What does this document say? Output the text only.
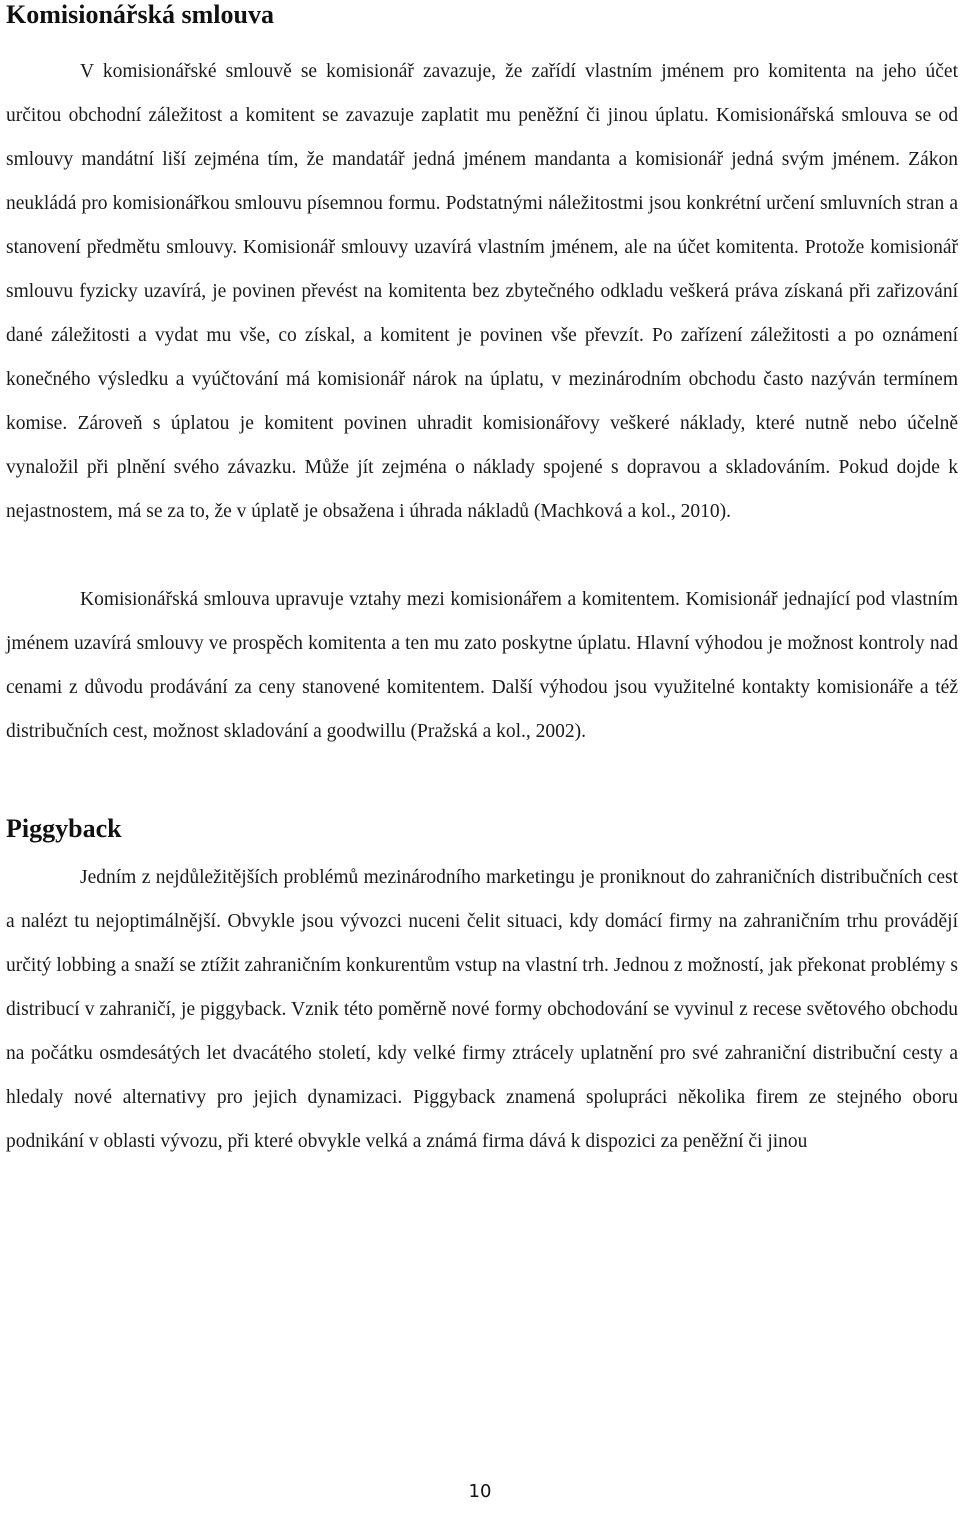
Komisionářská smlouva

V komisionářské smlouvě se komisionář zavazuje, že zařídí vlastním jménem pro komitenta na jeho účet určitou obchodní záležitost a komitent se zavazuje zaplatit mu peněžní či jinou úplatu. Komisionářská smlouva se od smlouvy mandátní liší zejména tím, že mandatář jedná jménem mandanta a komisionář jedná svým jménem. Zákon neukládá pro komisionářkou smlouvu písemnou formu. Podstatnými náležitostmi jsou konkrétní určení smluvních stran a stanovení předmětu smlouvy. Komisionář smlouvy uzavírá vlastním jménem, ale na účet komitenta. Protože komisionář smlouvu fyzicky uzavírá, je povinen převést na komitenta bez zbytečného odkladu veškerá práva získaná při zařizování dané záležitosti a vydat mu vše, co získal, a komitent je povinen vše převzít. Po zařízení záležitosti a po oznámení konečného výsledku a vyúčtování má komisionář nárok na úplatu, v mezinárodním obchodu často nazýván termínem komise. Zároveň s úplatou je komitent povinen uhradit komisionářovy veškeré náklady, které nutně nebo účelně vynaložil při plnění svého závazku. Může jít zejména o náklady spojené s dopravou a skladováním. Pokud dojde k nejastnostem, má se za to, že v úplatě je obsažena i úhrada nákladů (Machková a kol., 2010).

Komisionářská smlouva upravuje vztahy mezi komisionářem a komitentem. Komisionář jednající pod vlastním jménem uzavírá smlouvy ve prospěch komitenta a ten mu zato poskytne úplatu. Hlavní výhodou je možnost kontroly nad cenami z důvodu prodávání za ceny stanovené komitentem. Další výhodou jsou využitelné kontakty komisionáře a též distribučních cest, možnost skladování a goodwillu (Pražská a kol., 2002).

Piggyback

Jedním z nejdůležitějších problémů mezinárodního marketingu je proniknout do zahraničních distribučních cest a nalézt tu nejoptimálnější. Obvykle jsou vývozci nuceni čelit situaci, kdy domácí firmy na zahraničním trhu provádějí určitý lobbing a snaží se ztížit zahraničním konkurentům vstup na vlastní trh. Jednou z možností, jak překonat problémy s distribucí v zahraničí, je piggyback. Vznik této poměrně nové formy obchodování se vyvinul z recese světového obchodu na počátku osmdesátých let dvacátého století, kdy velké firmy ztrácely uplatnění pro své zahraniční distribuční cesty a hledaly nové alternativy pro jejich dynamizaci. Piggyback znamená spolupráci několika firem ze stejného oboru podnikání v oblasti vývozu, při které obvykle velká a známá firma dává k dispozici za peněžní či jinou

10
